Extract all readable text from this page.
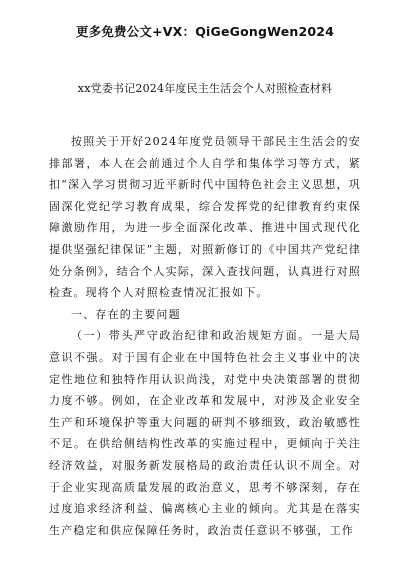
更多免费公文+VX：QiGeGongWen2024

xx党委书记2024年度民主生活会个人对照检查材料

按照关于开好2024年度党员领导干部民主生活会的安排部署，本人在会前通过个人自学和集体学习等方式，紧扣“深入学习贯彻习近平新时代中国特色社会主义思想，巩固深化党纪学习教育成果，综合发挥党的纪律教育约束保障激励作用，为进一步全面深化改革、推进中国式现代化提供坚强纪律保证”主题，对照新修订的《中国共产党纪律处分条例》，结合个人实际，深入查找问题，认真进行对照检查。现将个人对照检查情况汇报如下。

一、存在的主要问题

（一）带头严守政治纪律和政治规矩方面。一是大局意识不强。对于国有企业在中国特色社会主义事业中的决定性地位和独特作用认识尚浅，对党中央决策部署的贯彻力度不够。例如，在企业改革和发展中，对涉及企业安全生产和环境保护等重大问题的研判不够细致，政治敏感性不足。在供给侧结构性改革的实施过程中，更倾向于关注经济效益，对服务新发展格局的政治责任认识不周全。对于企业实现高质量发展的政治意义，思考不够深刻，存在过度追求经济利益、偏离核心主业的倾向。尤其是在落实生产稳定和供应保障任务时，政治责任意识不够强，工作
